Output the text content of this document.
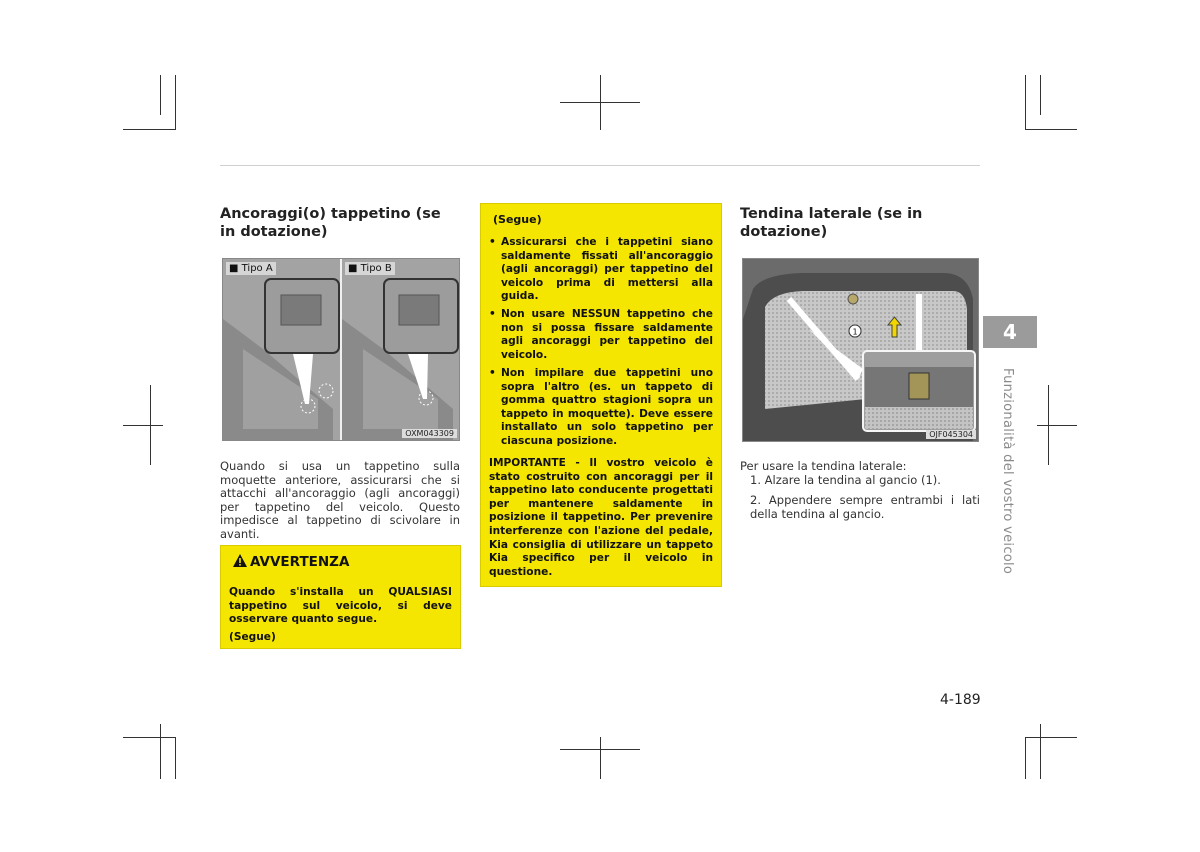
Ancoraggi(o) tappetino (se in dotazione)
■ Tipo A	■ Tipo B
OXM043309
Quando si usa un tappetino sulla moquette anteriore, assicurarsi che si attacchi all'ancoraggio (agli ancoraggi) per tappetino del veicolo. Questo impedisce al tappetino di scivolare in avanti.
AVVERTENZA
Quando s'installa un QUALSIASI tappetino sul veicolo, si deve osservare quanto segue.
(Segue)
(Segue)
• Assicurarsi che i tappetini siano saldamente fissati all'ancoraggio (agli ancoraggi) per tappetino del veicolo prima di mettersi alla guida.
• Non usare NESSUN tappetino che non si possa fissare saldamente agli ancoraggi per tappetino del veicolo.
• Non impilare due tappetini uno sopra l'altro (es. un tappeto di gomma quattro stagioni sopra un tappeto in moquette). Deve essere installato un solo tappetino per ciascuna posizione.
IMPORTANTE - Il vostro veicolo è stato costruito con ancoraggi per il tappetino lato conducente progettati per mantenere saldamente in posizione il tappetino. Per prevenire interferenze con l'azione del pedale, Kia consiglia di utilizzare un tappeto Kia specifico per il veicolo in questione.
Tendina laterale (se in dotazione)
1
OJF045304
Per usare la tendina laterale:
1. Alzare la tendina al gancio (1).
2. Appendere sempre entrambi i lati della tendina al gancio.
4
Funzionalità del vostro veicolo
4-189
